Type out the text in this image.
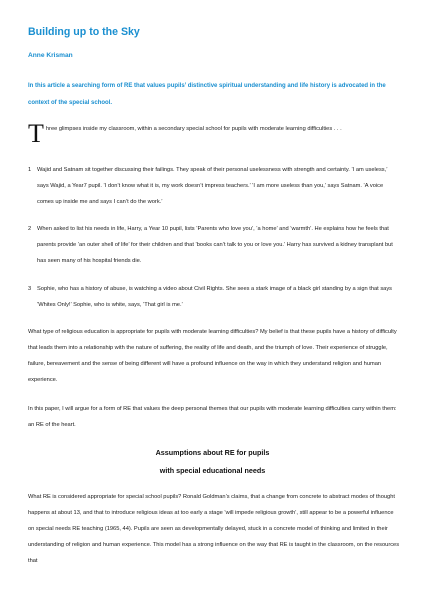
Building up to the Sky
Anne Krisman
In this article a searching form of RE that values pupils’ distinctive spiritual understanding and life history is advocated in the context of the special school.
Three glimpses inside my classroom, within a secondary special school for pupils with moderate learning difficulties . . .
1 Wajid and Satnam sit together discussing their failings. They speak of their personal uselessness with strength and certainty. ‘I am useless,’ says Wajid, a Year7 pupil. ‘I don’t know what it is, my work doesn’t impress teachers.’ ‘I am more useless than you,’ says Satnam. ‘A voice comes up inside me and says I can’t do the work.’
2 When asked to list his needs in life, Harry, a Year 10 pupil, lists ‘Parents who love you’, ‘a home’ and ‘warmth’. He explains how he feels that parents provide ‘an outer shell of life’ for their children and that ‘books can’t talk to you or love you.’ Harry has survived a kidney transplant but has seen many of his hospital friends die.
3 Sophie, who has a history of abuse, is watching a video about Civil Rights. She sees a stark image of a black girl standing by a sign that says ‘Whites Only!’ Sophie, who is white, says, ‘That girl is me.’
What type of religious education is appropriate for pupils with moderate learning difficulties? My belief is that these pupils have a history of difficulty that leads them into a relationship with the nature of suffering, the reality of life and death, and the triumph of love. Their experience of struggle, failure, bereavement and the sense of being different will have a profound influence on the way in which they understand religion and human experience.
In this paper, I will argue for a form of RE that values the deep personal themes that our pupils with moderate learning difficulties carry within them: an RE of the heart.
Assumptions about RE for pupils
with special educational needs
What RE is considered appropriate for special school pupils? Ronald Goldman’s claims, that a change from concrete to abstract modes of thought happens at about 13, and that to introduce religious ideas at too early a stage ‘will impede religious growth’, still appear to be a powerful influence on special needs RE teaching (1965, 44). Pupils are seen as developmentally delayed, stuck in a concrete model of thinking and limited in their understanding of religion and human experience. This model has a strong influence on the way that RE is taught in the classroom, on the resources that
